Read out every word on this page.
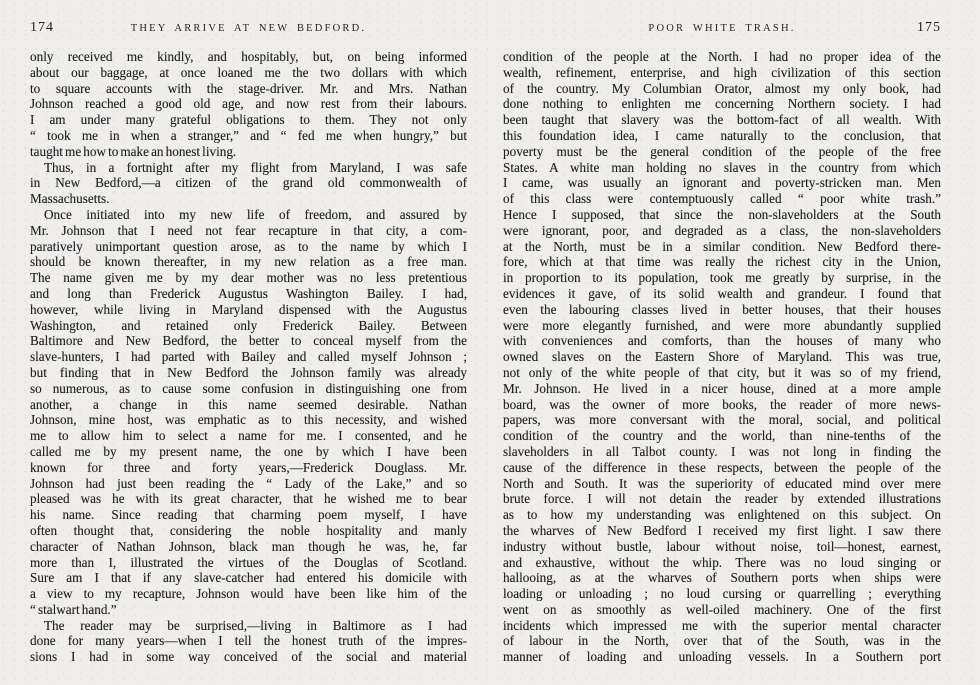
174	THEY ARRIVE AT NEW BEDFORD.
only received me kindly, and hospitably, but, on being informed
about our baggage, at once loaned me the two dollars with which
to square accounts with the stage-driver. Mr. and Mrs. Nathan
Johnson reached a good old age, and now rest from their labours.
I am under many grateful obligations to them. They not only
“ took me in when a stranger,” and “ fed me when hungry,” but
taught me how to make an honest living.
Thus, in a fortnight after my flight from Maryland, I was safe
in New Bedford,—a citizen of the grand old commonwealth of
Massachusetts.
Once initiated into my new life of freedom, and assured by
Mr. Johnson that I need not fear recapture in that city, a com-
paratively unimportant question arose, as to the name by which I
should be known thereafter, in my new relation as a free man.
The name given me by my dear mother was no less pretentious
and long than Frederick Augustus Washington Bailey. I had,
however, while living in Maryland dispensed with the Augustus
Washington, and retained only Frederick Bailey. Between
Baltimore and New Bedford, the better to conceal myself from the
slave-hunters, I had parted with Bailey and called myself Johnson ;
but finding that in New Bedford the Johnson family was already
so numerous, as to cause some confusion in distinguishing one from
another, a change in this name seemed desirable. Nathan
Johnson, mine host, was emphatic as to this necessity, and wished
me to allow him to select a name for me. I consented, and he
called me by my present name, the one by which I have been
known for three and forty years,—Frederick Douglass. Mr.
Johnson had just been reading the “ Lady of the Lake,” and so
pleased was he with its great character, that he wished me to bear
his name. Since reading that charming poem myself, I have
often thought that, considering the noble hospitality and manly
character of Nathan Johnson, black man though he was, he, far
more than I, illustrated the virtues of the Douglas of Scotland.
Sure am I that if any slave-catcher had entered his domicile with
a view to my recapture, Johnson would have been like him of the
“ stalwart hand.”
The reader may be surprised,—living in Baltimore as I had
done for many years—when I tell the honest truth of the impres-
sions I had in some way conceived of the social and material
POOR WHITE TRASH.	175
condition of the people at the North. I had no proper idea of the
wealth, refinement, enterprise, and high civilization of this section
of the country. My Columbian Orator, almost my only book, had
done nothing to enlighten me concerning Northern society. I had
been taught that slavery was the bottom-fact of all wealth. With
this foundation idea, I came naturally to the conclusion, that
poverty must be the general condition of the people of the free
States. A white man holding no slaves in the country from which
I came, was usually an ignorant and poverty-stricken man. Men
of this class were contemptuously called “ poor white trash.”
Hence I supposed, that since the non-slaveholders at the South
were ignorant, poor, and degraded as a class, the non-slaveholders
at the North, must be in a similar condition. New Bedford there-
fore, which at that time was really the richest city in the Union,
in proportion to its population, took me greatly by surprise, in the
evidences it gave, of its solid wealth and grandeur. I found that
even the labouring classes lived in better houses, that their houses
were more elegantly furnished, and were more abundantly supplied
with conveniences and comforts, than the houses of many who
owned slaves on the Eastern Shore of Maryland. This was true,
not only of the white people of that city, but it was so of my friend,
Mr. Johnson. He lived in a nicer house, dined at a more ample
board, was the owner of more books, the reader of more news-
papers, was more conversant with the moral, social, and political
condition of the country and the world, than nine-tenths of the
slaveholders in all Talbot county. I was not long in finding the
cause of the difference in these respects, between the people of the
North and South. It was the superiority of educated mind over mere
brute force. I will not detain the reader by extended illustrations
as to how my understanding was enlightened on this subject. On
the wharves of New Bedford I received my first light. I saw there
industry without bustle, labour without noise, toil—honest, earnest,
and exhaustive, without the whip. There was no loud singing or
hallooing, as at the wharves of Southern ports when ships were
loading or unloading ; no loud cursing or quarrelling ; everything
went on as smoothly as well-oiled machinery. One of the first
incidents which impressed me with the superior mental character
of labour in the North, over that of the South, was in the
manner of loading and unloading vessels. In a Southern port
